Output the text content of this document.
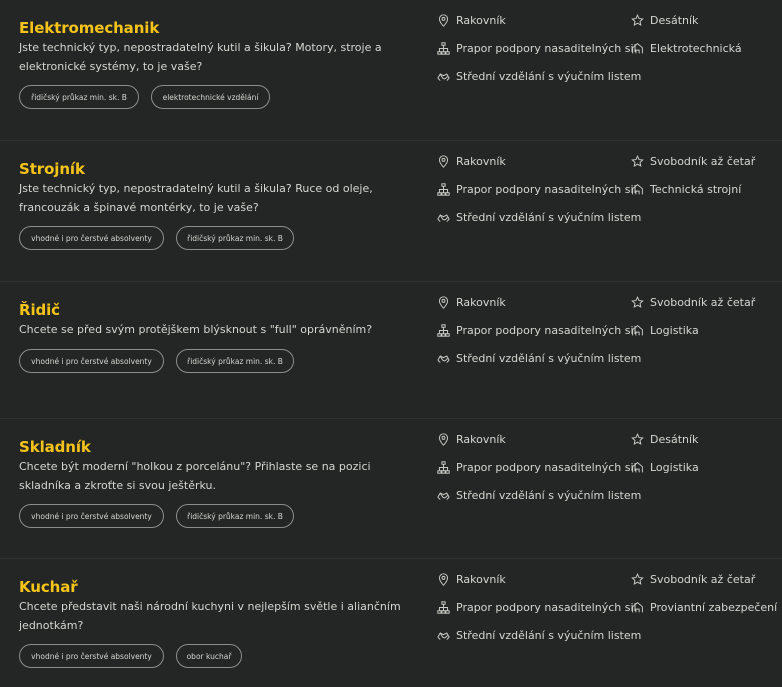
Elektromechanik
Jste technický typ, nepostradatelný kutil a šikula? Motory, stroje a elektronické systémy, to je vaše?
řidičský průkaz min. sk. B	elektrotechnické vzdělání
Rakovník
Prapor podpory nasaditelných sil
Střední vzdělání s výučním listem
Desátník
Elektrotechnická
Strojník
Jste technický typ, nepostradatelný kutil a šikula? Ruce od oleje, francouzák a špinavé montérky, to je vaše?
vhodné i pro čerstvé absolventy	řidičský průkaz min. sk. B
Rakovník
Prapor podpory nasaditelných sil
Střední vzdělání s výučním listem
Svobodník až četař
Technická strojní
Řidič
Chcete se před svým protějškem blýsknout s "full" oprávněním?
vhodné i pro čerstvé absolventy	řidičský průkaz min. sk. B
Rakovník
Prapor podpory nasaditelných sil
Střední vzdělání s výučním listem
Svobodník až četař
Logistika
Skladník
Chcete být moderní "holkou z porcelánu"? Přihlaste se na pozici skladníka a zkroťte si svou ještěrku.
vhodné i pro čerstvé absolventy	řidičský průkaz min. sk. B
Rakovník
Prapor podpory nasaditelných sil
Střední vzdělání s výučním listem
Desátník
Logistika
Kuchař
Chcete představit naši národní kuchyni v nejlepším světle i aliančním jednotkám?
vhodné i pro čerstvé absolventy	obor kuchař
Rakovník
Prapor podpory nasaditelných sil
Střední vzdělání s výučním listem
Svobodník až četař
Proviantní zabezpečení
